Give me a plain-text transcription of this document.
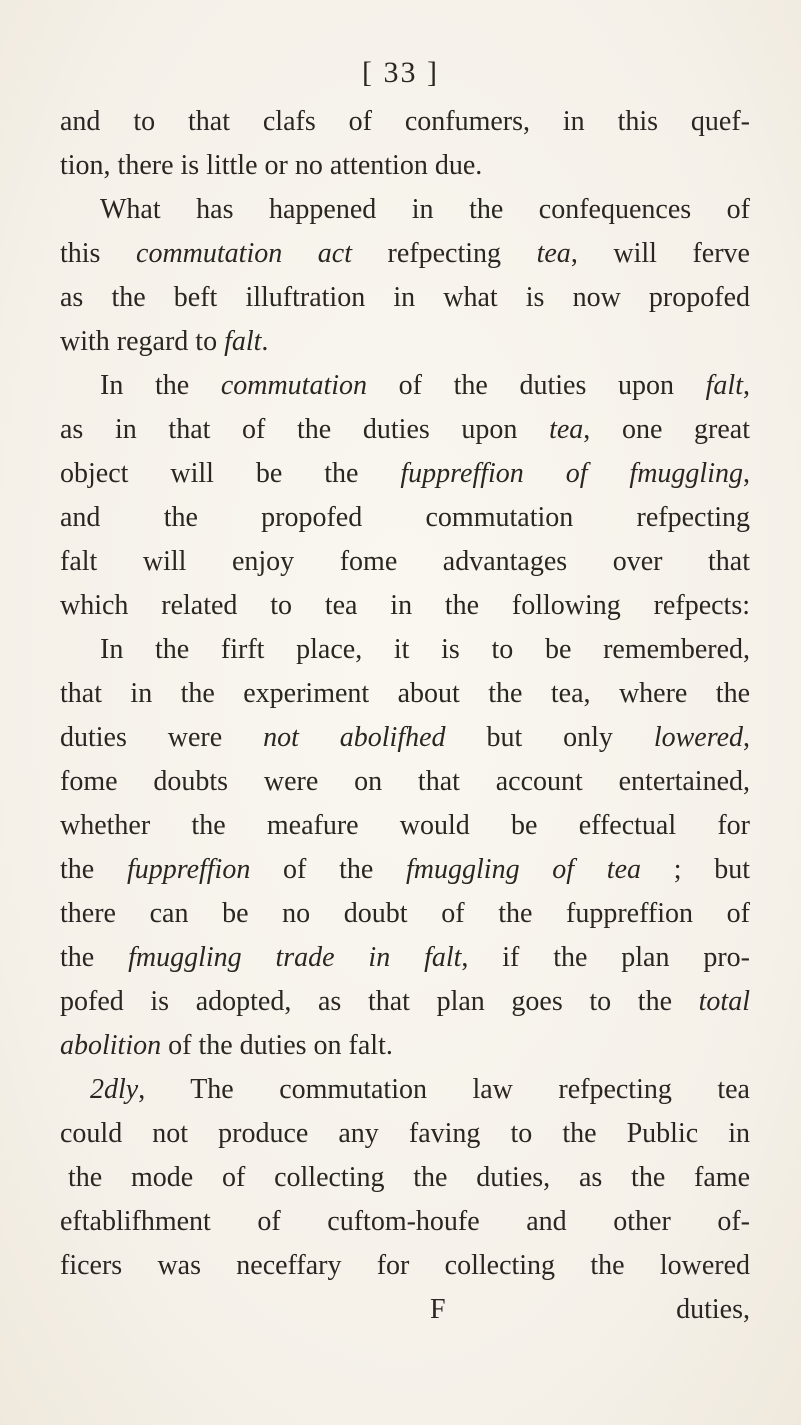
[ 33 ]
and to that clafs of confumers, in this quef-
tion, there is little or no attention due.
What has happened in the confequences of
this commutation act refpecting tea, will ferve
as the beft illuftration in what is now propofed
with regard to falt.
In the commutation of the duties upon falt,
as in that of the duties upon tea, one great
object will be the fuppreffion of fmuggling,
and the propofed commutation refpecting
falt will enjoy fome advantages over that
which related to tea in the following refpects:
In the firft place, it is to be remembered,
that in the experiment about the tea, where the
duties were not abolifhed but only lowered,
fome doubts were on that account entertained,
whether the meafure would be effectual for
the fuppreffion of the fmuggling of tea ; but
there can be no doubt of the fuppreffion of
the fmuggling trade in falt, if the plan pro-
pofed is adopted, as that plan goes to the total
abolition of the duties on falt.
2dly, The commutation law refpecting tea
could not produce any faving to the Public in
the mode of collecting the duties, as the fame
eftablifhment of cuftom-houfe and other of-
ficers was neceffary for collecting the lowered
F	duties,
